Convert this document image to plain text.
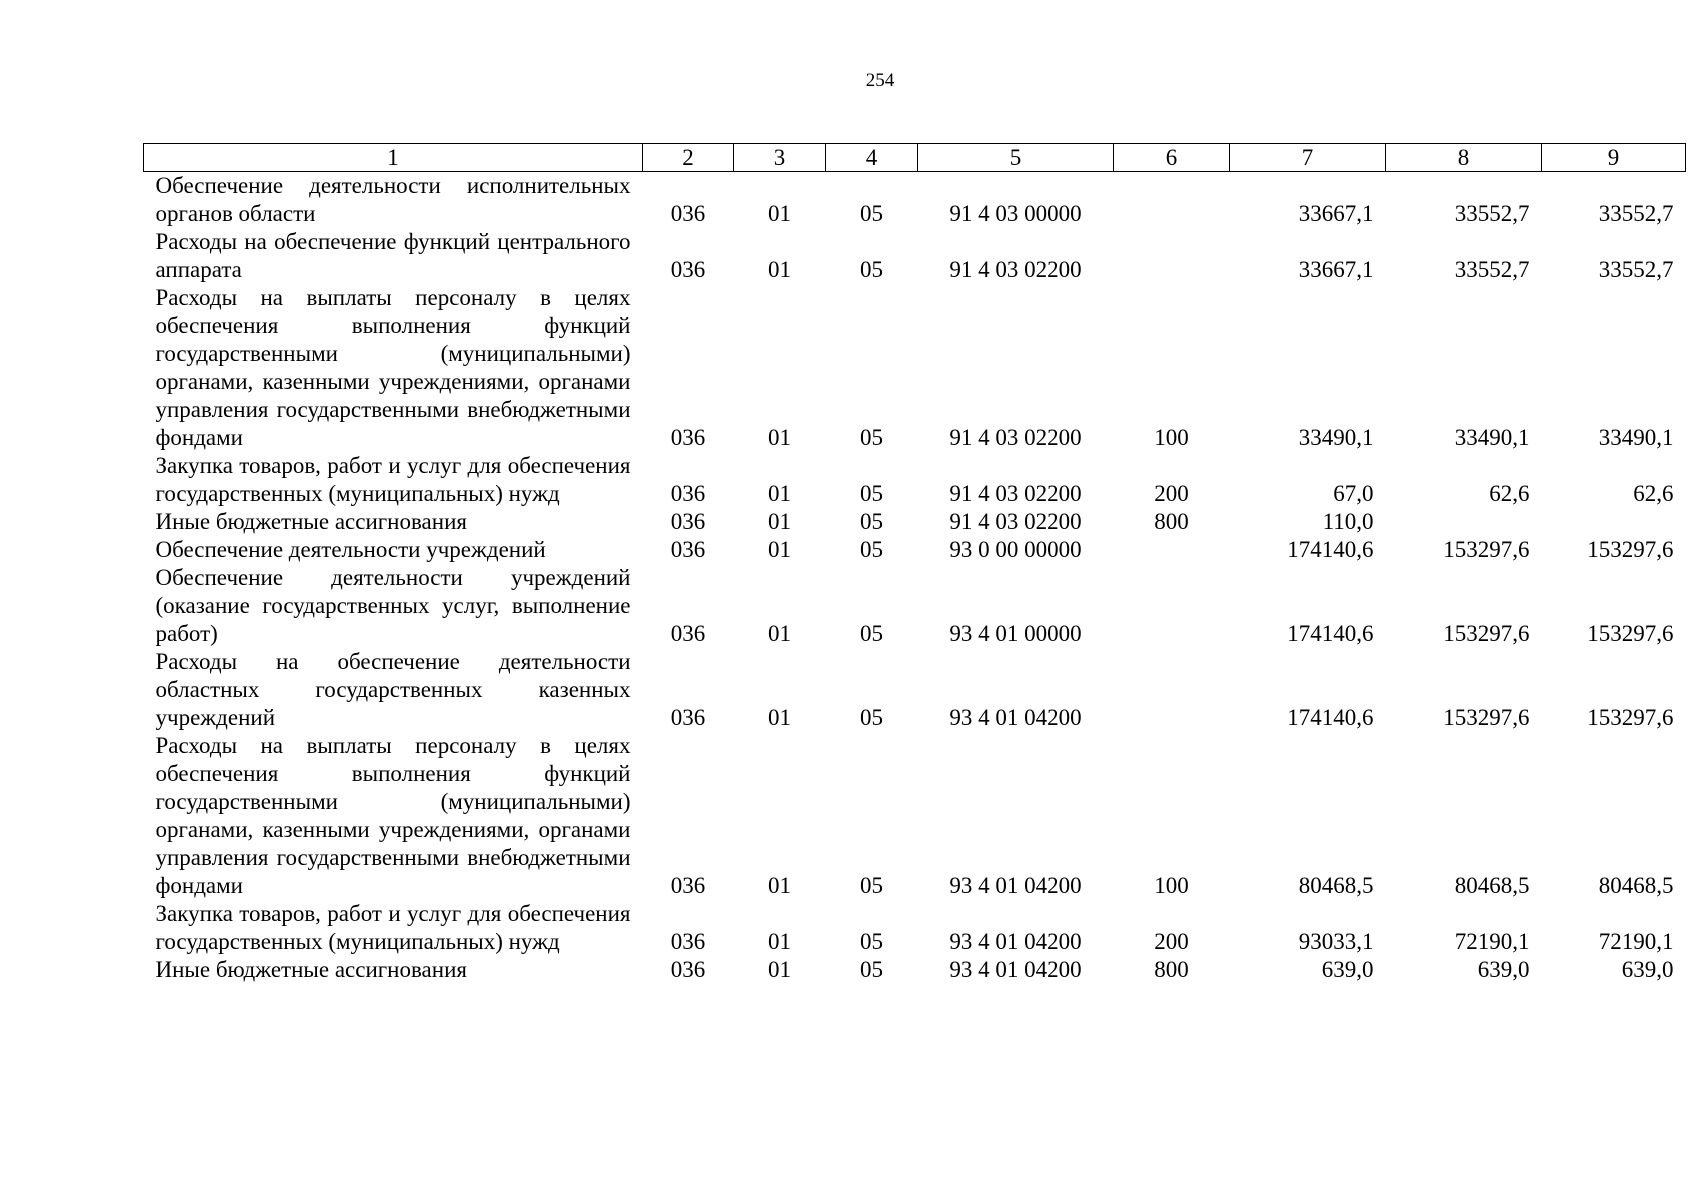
254
1	2	3	4	5	6	7	8	9
Обеспечение деятельности исполнительных органов области	036	01	05	91 4 03 00000		33667,1	33552,7	33552,7
Расходы на обеспечение функций центрального аппарата	036	01	05	91 4 03 02200		33667,1	33552,7	33552,7
Расходы на выплаты персоналу в целях обеспечения выполнения функций государственными (муниципальными) органами, казенными учреждениями, органами управления государственными внебюджетными фондами	036	01	05	91 4 03 02200	100	33490,1	33490,1	33490,1
Закупка товаров, работ и услуг для обеспечения государственных (муниципальных) нужд	036	01	05	91 4 03 02200	200	67,0	62,6	62,6
Иные бюджетные ассигнования	036	01	05	91 4 03 02200	800	110,0		
Обеспечение деятельности учреждений	036	01	05	93 0 00 00000		174140,6	153297,6	153297,6
Обеспечение деятельности учреждений (оказание государственных услуг, выполнение работ)	036	01	05	93 4 01 00000		174140,6	153297,6	153297,6
Расходы на обеспечение деятельности областных государственных казенных учреждений	036	01	05	93 4 01 04200		174140,6	153297,6	153297,6
Расходы на выплаты персоналу в целях обеспечения выполнения функций государственными (муниципальными) органами, казенными учреждениями, органами управления государственными внебюджетными фондами	036	01	05	93 4 01 04200	100	80468,5	80468,5	80468,5
Закупка товаров, работ и услуг для обеспечения государственных (муниципальных) нужд	036	01	05	93 4 01 04200	200	93033,1	72190,1	72190,1
Иные бюджетные ассигнования	036	01	05	93 4 01 04200	800	639,0	639,0	639,0
